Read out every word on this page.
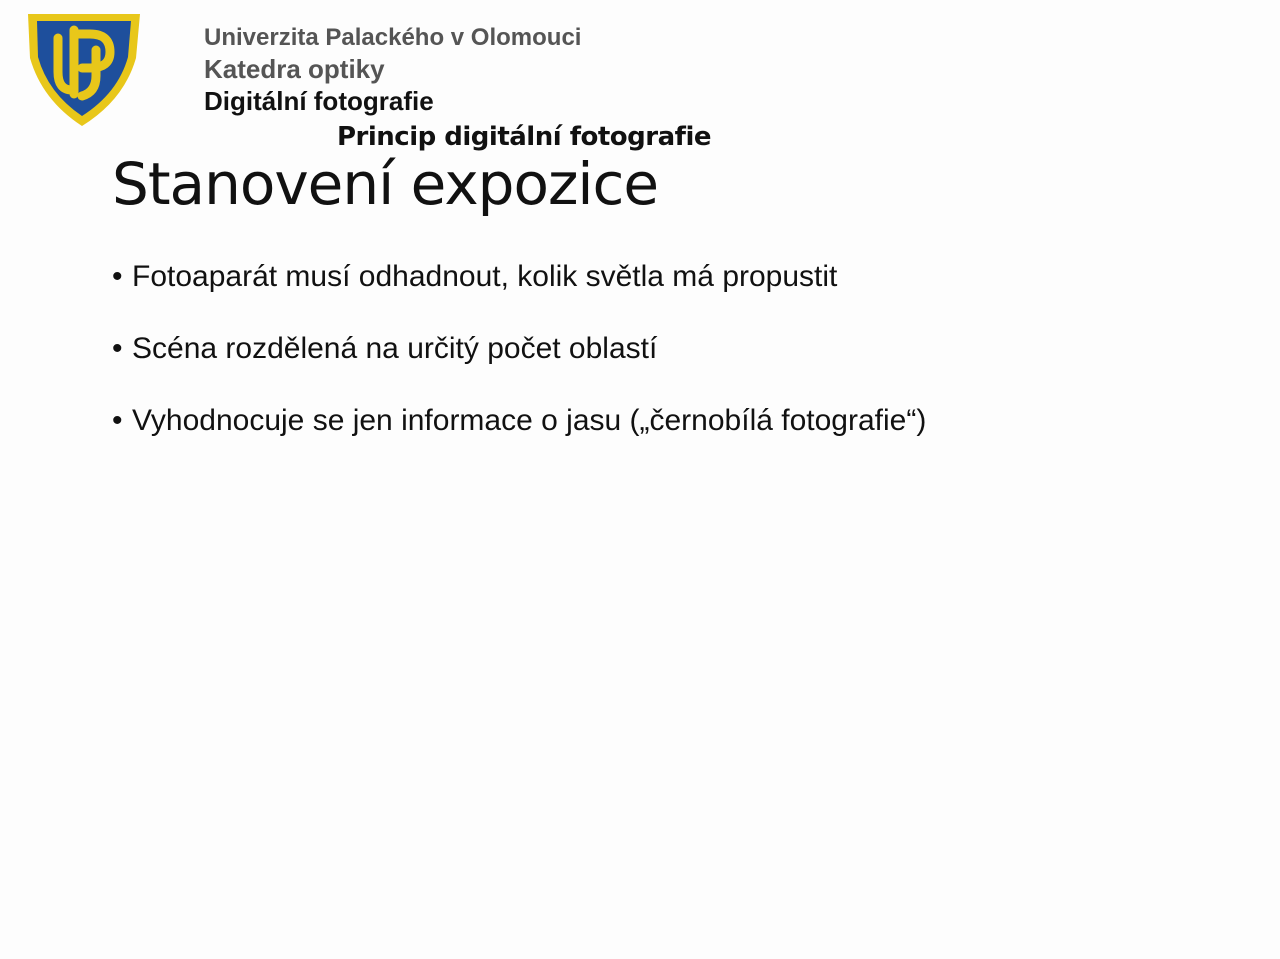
Univerzita Palackého v Olomouci

Katedra optiky

Digitální fotografie

Princip digitální fotografie

Stanovení expozice
• Fotoaparát musí odhadnout, kolik světla má propustit
• Scéna rozdělená na určitý počet oblastí
• Vyhodnocuje se jen informace o jasu („černobílá fotografie“)
